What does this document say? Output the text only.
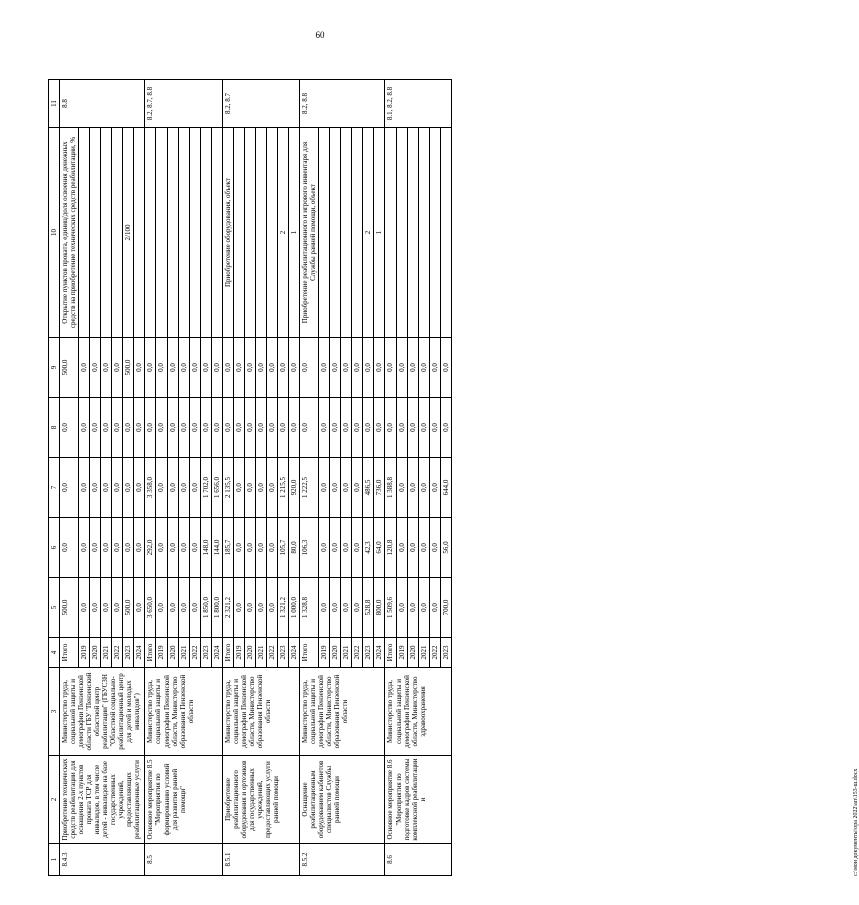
60
1	2	3	4	5	6	7	8	9	10	11
8.4.3	Приобретение технических средств реабилитации для оснащения 2-х пунктов проката ТСР для инвалидов, в том числе детей - инвалидов на базе государственных учреждений, предоставляющих реабилитационные услуги	Министерство труда, социальной защиты и демографии Пензенской области ГБУ "Пензенский областной центр реабилитации" (ГБУСЗН "Областной социально-реабилитационный центр для детей и молодых инвалидов")	Итого	500,0	0,0	0,0	0,0	500,0	Открытие пунктов проката, единиц/доля освоения денежных средств на приобретение технических средств реабилитации, %	8.8
			2019	0,0	0,0	0,0	0,0	0,0		
			2020	0,0	0,0	0,0	0,0	0,0		
			2021	0,0	0,0	0,0	0,0	0,0		
			2022	0,0	0,0	0,0	0,0	0,0		
			2023	500,0	0,0	0,0	0,0	500,0	2/100	
			2024	0,0	0,0	0,0	0,0	0,0		
8.5	Основное мероприятие 8.5 "Мероприятия по формированию условий для развития ранней помощи"	Министерство труда, социальной защиты и демографии Пензенской области, Министерство образования Пензенской области	Итого	3 650,0	292,0	3 358,0	0,0	0,0		8.2, 8.7, 8.8
			2019	0,0	0,0	0,0	0,0	0,0		
			2020	0,0	0,0	0,0	0,0	0,0		
			2021	0,0	0,0	0,0	0,0	0,0		
			2022	0,0	0,0	0,0	0,0	0,0		
			2023	1 850,0	148,0	1 702,0	0,0	0,0		
			2024	1 800,0	144,0	1 656,0	0,0	0,0		
8.5.1	Приобретение реабилитационного оборудования и ортезиков для государственных учреждений, предоставляющих услуги ранней помощи	Министерство труда, социальной защиты и демографии Пензенской области, Министерство образования Пензенской области	Итого	2 321,2	185,7	2 135,5	0,0	0,0	Приобретение оборудования, объект	8.2, 8.7
			2019	0,0	0,0	0,0	0,0	0,0		
			2020	0,0	0,0	0,0	0,0	0,0		
			2021	0,0	0,0	0,0	0,0	0,0		
			2022	0,0	0,0	0,0	0,0	0,0		
			2023	1 321,2	105,7	1 215,5	0,0	0,0	2	
			2024	1 000,0	80,0	920,0	0,0	0,0	1	
8.5.2	Оснащение реабилитационным оборудованием кабинетов специалистов Службы ранней помощи	Министерство труда, социальной защиты и демографии Пензенской области, Министерство образования Пензенской области	Итого	1 328,8	106,3	1 222,5	0,0	0,0	Приобретение реабилитационного и игрового инвентаря для Службы ранней помощи, объект	8.2, 8.8
			2019	0,0	0,0	0,0	0,0	0,0		
			2020	0,0	0,0	0,0	0,0	0,0		
			2021	0,0	0,0	0,0	0,0	0,0		
			2022	0,0	0,0	0,0	0,0	0,0		
			2023	528,8	42,3	486,5	0,0	0,0	2	
			2024	800,0	64,0	736,0	0,0	0,0	1	
8.6	Основное мероприятие 8.6 "Мероприятия по подготовке кадров системы комплексной реабилитации и	Министерство труда, социальной защиты и демографии Пензенской области, Министерство здравоохранения	Итого	1 509,6	120,8	1 388,8	0,0	0,0		8.1, 8.2, 8.8
			2019	0,0	0,0	0,0	0,0	0,0		
			2020	0,0	0,0	0,0	0,0	0,0		
			2021	0,0	0,0	0,0	0,0	0,0		
			2022	0,0	0,0	0,0	0,0	0,0		
			2023	700,0	56,0	644,0	0,0	0,0		
c:\мои документы\ора 2022\ап\153-ш.docx
